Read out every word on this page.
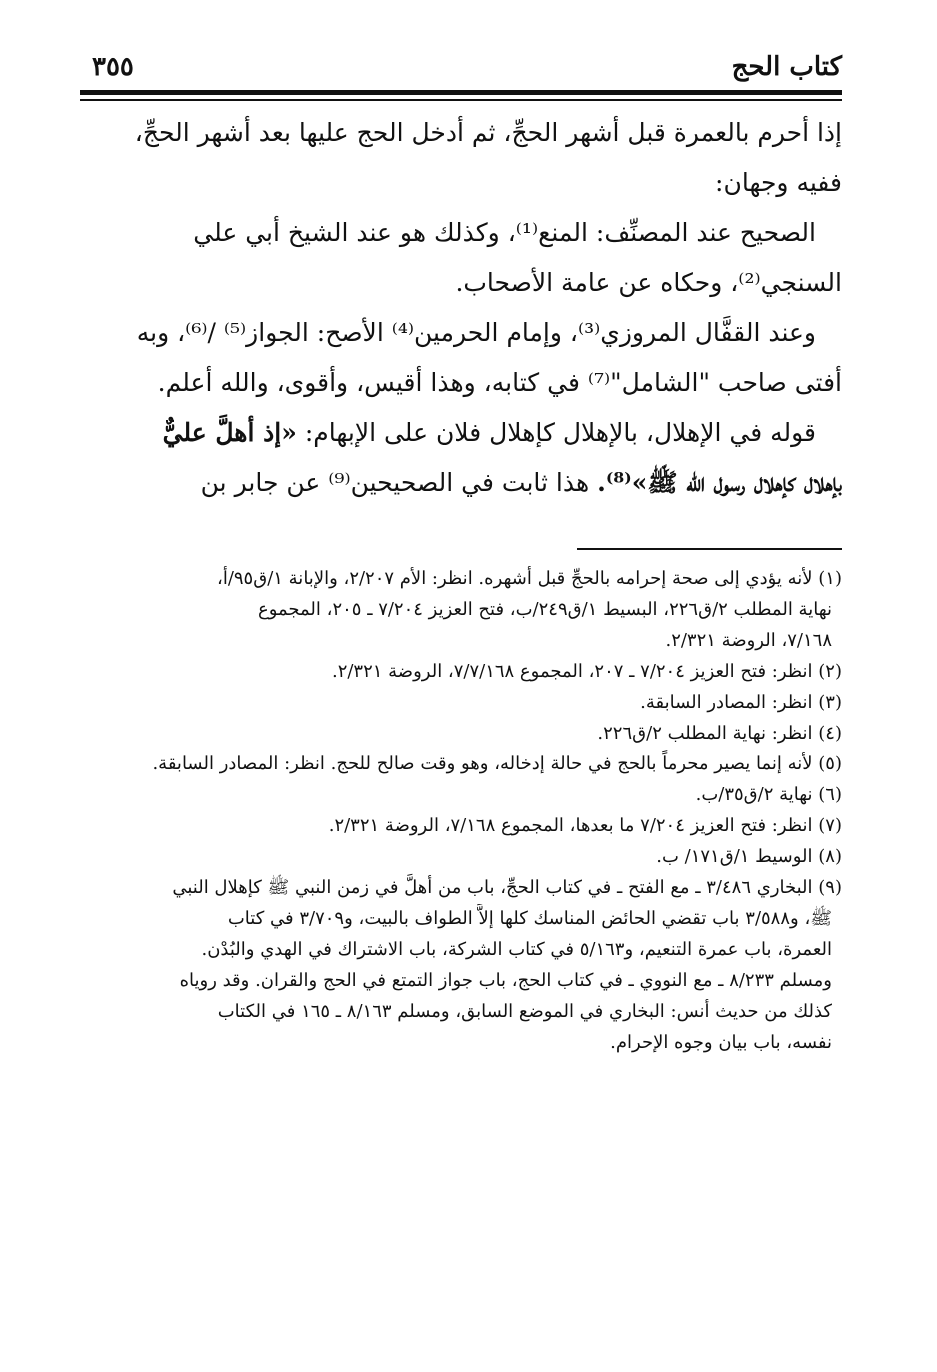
كتاب الحج
٣٥٥

إذا أحرم بالعمرة قبل أشهر الحجِّ، ثم أدخل الحج عليها بعد أشهر الحجِّ،

ففيه وجهان:

الصحيح عند المصنِّف: المنع⁽¹⁾، وكذلك هو عند الشيخ أبي علي

السنجي⁽²⁾، وحكاه عن عامة الأصحاب.

وعند القفَّال المروزي⁽³⁾، وإمام الحرمين⁽⁴⁾ الأصح: الجواز⁽⁵⁾ /⁽⁶⁾، وبه

أفتى صاحب "الشامل"⁽⁷⁾ في كتابه، وهذا أقيس، وأقوى، والله أعلم.

قوله في الإهلال، بالإهلال كإهلال فلان على الإبهام: «إذ أهلَّ عليٌّ

بإهلال كإهلال رسول الله ﷺ»⁽⁸⁾. هذا ثابت في الصحيحين⁽⁹⁾ عن جابر بن

(١) لأنه يؤدي إلى صحة إحرامه بالحجِّ قبل أشهره. انظر: الأم ٢/٢٠٧، والإبانة ١/ق٩٥/أ،

نهاية المطلب ٢/ق٢٢٦، البسيط ١/ق٢٤٩/ب، فتح العزيز ٧/٢٠٤ ـ ٢٠٥، المجموع

٧/١٦٨، الروضة ٢/٣٢١.

(٢) انظر: فتح العزيز ٧/٢٠٤ ـ ٢٠٧، المجموع ٧/٧/١٦٨، الروضة ٢/٣٢١.

(٣) انظر: المصادر السابقة.

(٤) انظر: نهاية المطلب ٢/ق٢٢٦.

(٥) لأنه إنما يصير محرماً بالحج في حالة إدخاله، وهو وقت صالح للحج. انظر: المصادر السابقة.

(٦) نهاية ٢/ق٣٥/ب.

(٧) انظر: فتح العزيز ٧/٢٠٤ ما بعدها، المجموع ٧/١٦٨، الروضة ٢/٣٢١.

(٨) الوسيط ١/ق١٧١/ ب.

(٩) البخاري ٣/٤٨٦ ـ مع الفتح ـ في كتاب الحجِّ، باب من أهلَّ في زمن النبي ﷺ كإهلال النبي

ﷺ، و٣/٥٨٨ باب تقضي الحائض المناسك كلها إلاَّ الطواف بالبيت، و٣/٧٠٩ في كتاب

العمرة، باب عمرة التنعيم، و٥/١٦٣ في كتاب الشركة، باب الاشتراك في الهدي والبُدْن.

ومسلم ٨/٢٣٣ ـ مع النووي ـ في كتاب الحج، باب جواز التمتع في الحج والقران. وقد روياه

كذلك من حديث أنس: البخاري في الموضع السابق، ومسلم ٨/١٦٣ ـ ١٦٥ في الكتاب

نفسه، باب بيان وجوه الإحرام.
